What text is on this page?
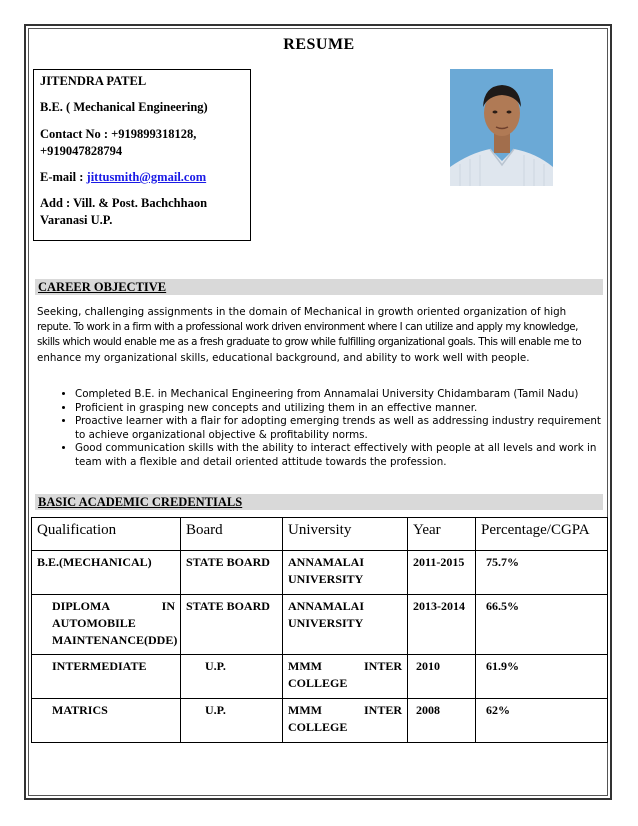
RESUME
JITENDRA PATEL
B.E. ( Mechanical Engineering)
Contact No : +919899318128,
+919047828794
E-mail : jittusmith@gmail.com
Add : Vill. & Post. Bachchhaon
Varanasi U.P.
CAREER OBJECTIVE
Seeking, challenging assignments in the domain of Mechanical in growth oriented organization of high
repute. To work in a firm with a professional work driven environment where I can utilize and apply my knowledge,
skills which would enable me as a fresh graduate to grow while fulfilling organizational goals. This will enable me to
enhance my organizational skills, educational background, and ability to work well with people.
• Completed B.E. in Mechanical Engineering from Annamalai University Chidambaram (Tamil Nadu)
• Proficient in grasping new concepts and utilizing them in an effective manner.
• Proactive learner with a flair for adopting emerging trends as well as addressing industry requirement to achieve organizational objective & profitability norms.
• Good communication skills with the ability to interact effectively with people at all levels and work in team with a flexible and detail oriented attitude towards the profession.
BASIC ACADEMIC CREDENTIALS
Qualification	Board	University	Year	Percentage/CGPA
B.E.(MECHANICAL)	STATE BOARD	ANNAMALAI UNIVERSITY	2011-2015	75.7%
DIPLOMA IN AUTOMOBILE MAINTENANCE(DDE)	STATE BOARD	ANNAMALAI UNIVERSITY	2013-2014	66.5%
INTERMEDIATE	U.P.	MMM INTER COLLEGE	2010	61.9%
MATRICS	U.P.	MMM INTER COLLEGE	2008	62%
